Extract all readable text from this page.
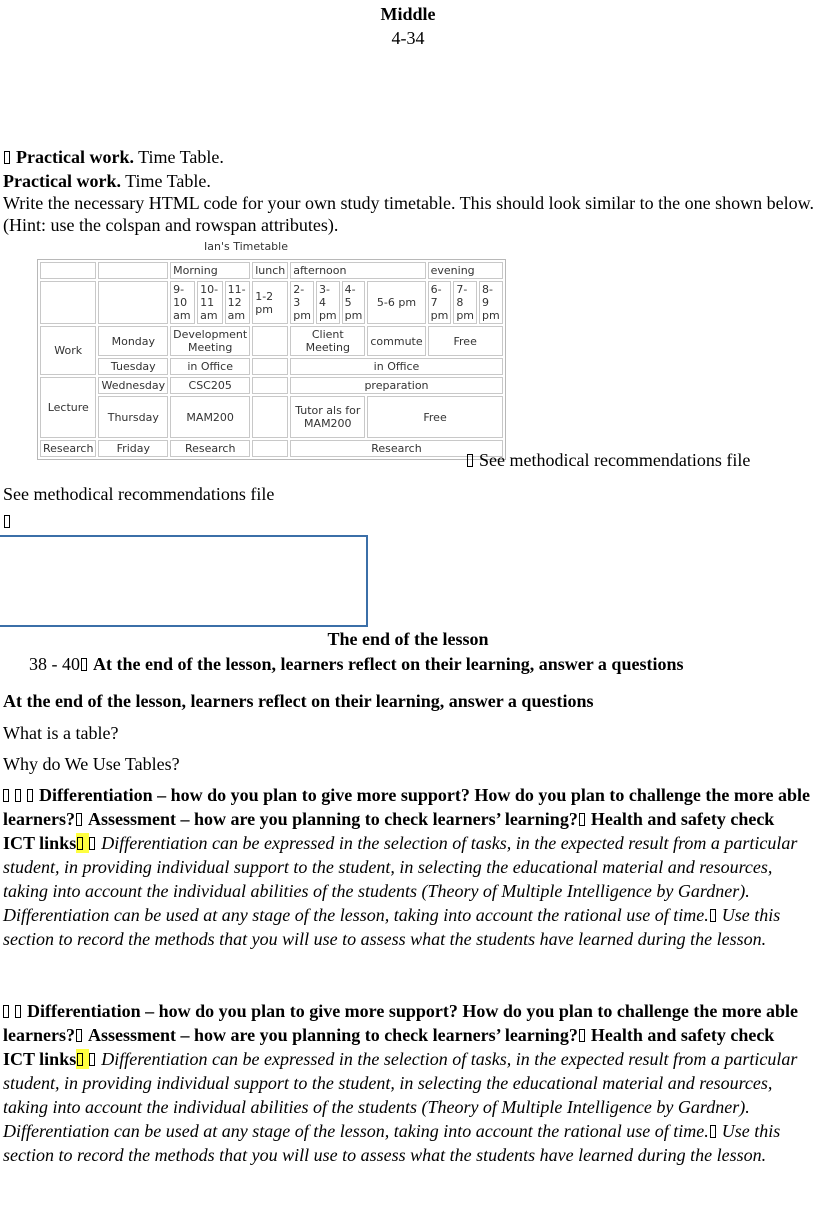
Middle
4-34
Practical work. Time Table.
Practical work. Time Table.
Write the necessary HTML code for your own study timetable. This should look similar to the one shown below. (Hint: use the colspan and rowspan attributes).
Ian's Timetable
		Morning			lunch	afternoon				evening		
		9-10 am	10-11 am	11-12 am	1-2 pm	2-3 pm	3-4 pm	4-5 pm	5-6 pm	6-7 pm	7-8 pm	8-9 pm
Work	Monday	Development Meeting				Client Meeting			commute	Free		
	Tuesday	in Office				in Office						
Lecture	Wednesday	CSC205				preparation						
	Thursday	MAM200				Tutor als for MAM200			Free			
Research	Friday	Research				Research						
See methodical recommendations file
See methodical recommendations file
The end of the lesson
38 - 40 At the end of the lesson, learners reflect on their learning, answer a questions
At the end of the lesson, learners reflect on their learning, answer a questions
What is a table?
Why do We Use Tables?
Differentiation – how do you plan to give more support? How do you plan to challenge the more able learners? Assessment – how are you planning to check learners’ learning? Health and safety check
ICT links Differentiation can be expressed in the selection of tasks, in the expected result from a particular student, in providing individual support to the student, in selecting the educational material and resources, taking into account the individual abilities of the students (Theory of Multiple Intelligence by Gardner). Differentiation can be used at any stage of the lesson, taking into account the rational use of time. Use this section to record the methods that you will use to assess what the students have learned during the lesson.
Differentiation – how do you plan to give more support? How do you plan to challenge the more able learners? Assessment – how are you planning to check learners’ learning? Health and safety check
ICT links Differentiation can be expressed in the selection of tasks, in the expected result from a particular student, in providing individual support to the student, in selecting the educational material and resources, taking into account the individual abilities of the students (Theory of Multiple Intelligence by Gardner). Differentiation can be used at any stage of the lesson, taking into account the rational use of time. Use this section to record the methods that you will use to assess what the students have learned during the lesson.
